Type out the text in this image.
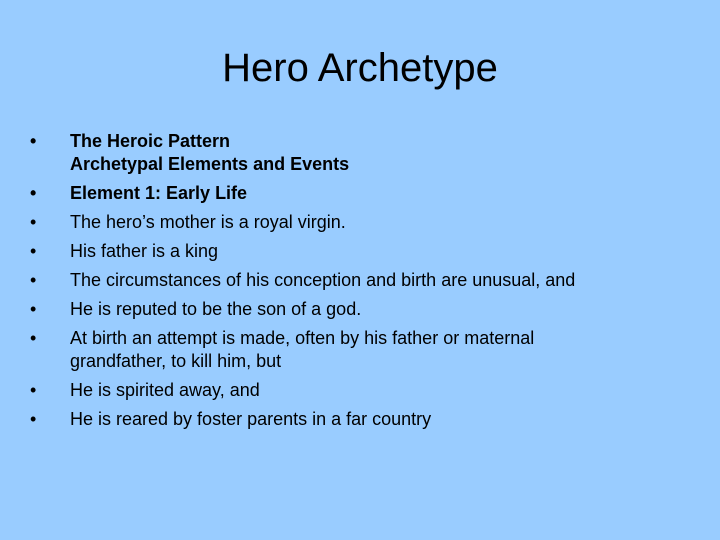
Hero Archetype
•	The Heroic Pattern
Archetypal Elements and Events
•	Element 1: Early Life
•	The hero’s mother is a royal virgin.
•	His father is a king
•	The circumstances of his conception and birth are unusual, and
•	He is reputed to be the son of a god.
•	At birth an attempt is made, often by his father or maternal
grandfather, to kill him, but
•	He is spirited away, and
•	He is reared by foster parents in a far country
